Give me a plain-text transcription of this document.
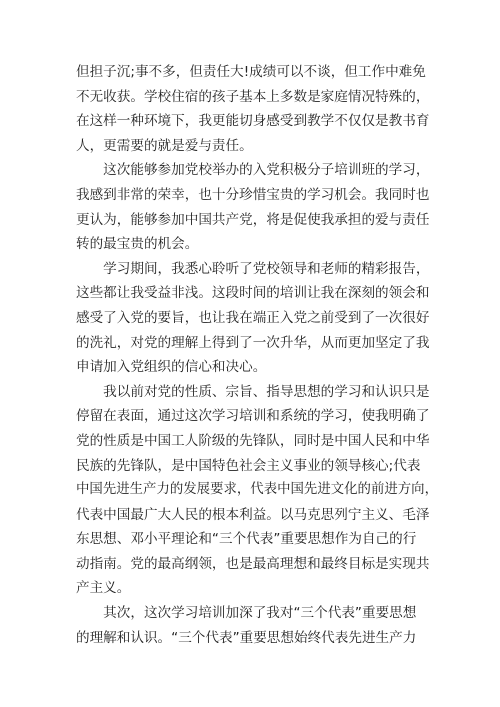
但担子沉;事不多，但责任大!成绩可以不谈，但工作中难免
不无收获。学校住宿的孩子基本上多数是家庭情况特殊的，
在这样一种环境下，我更能切身感受到教学不仅仅是教书育
人，更需要的就是爱与责任。
　　这次能够参加党校举办的入党积极分子培训班的学习，
我感到非常的荣幸，也十分珍惜宝贵的学习机会。我同时也
更认为，能够参加中国共产党，将是促使我承担的爱与责任
转的最宝贵的机会。
　　学习期间，我悉心聆听了党校领导和老师的精彩报告，
这些都让我受益非浅。这段时间的培训让我在深刻的领会和
感受了入党的要旨，也让我在端正入党之前受到了一次很好
的洗礼，对党的理解上得到了一次升华，从而更加坚定了我
申请加入党组织的信心和决心。
　　我以前对党的性质、宗旨、指导思想的学习和认识只是
停留在表面，通过这次学习培训和系统的学习，使我明确了
党的性质是中国工人阶级的先锋队，同时是中国人民和中华
民族的先锋队，是中国特色社会主义事业的领导核心;代表
中国先进生产力的发展要求，代表中国先进文化的前进方向，
代表中国最广大人民的根本利益。以马克思列宁主义、毛泽
东思想、邓小平理论和“三个代表”重要思想作为自己的行
动指南。党的最高纲领，也是最高理想和最终目标是实现共
产主义。
　　其次，这次学习培训加深了我对“三个代表”重要思想
的理解和认识。“三个代表”重要思想始终代表先进生产力
